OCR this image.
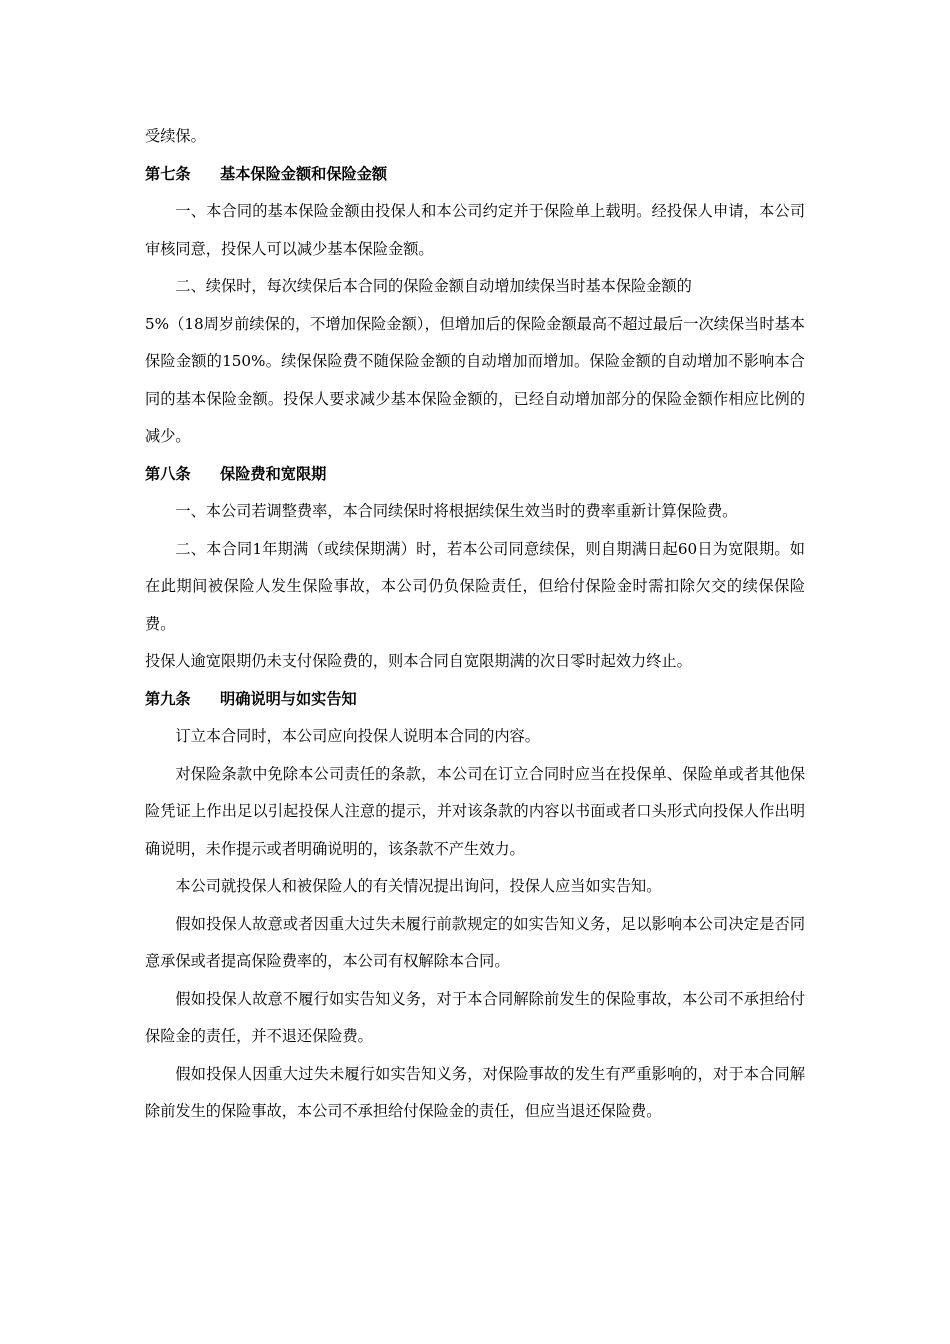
受续保。

第七条 基本保险金额和保险金额

一、本合同的基本保险金额由投保人和本公司约定并于保险单上载明。经投保人申请，本公司审核同意，投保人可以减少基本保险金额。

二、续保时，每次续保后本合同的保险金额自动增加续保当时基本保险金额的

5%（18周岁前续保的，不增加保险金额），但增加后的保险金额最高不超过最后一次续保当时基本保险金额的150%。续保保险费不随保险金额的自动增加而增加。保险金额的自动增加不影响本合同的基本保险金额。投保人要求减少基本保险金额的，已经自动增加部分的保险金额作相应比例的减少。

第八条 保险费和宽限期

一、本公司若调整费率，本合同续保时将根据续保生效当时的费率重新计算保险费。

二、本合同1年期满（或续保期满）时，若本公司同意续保，则自期满日起60日为宽限期。如在此期间被保险人发生保险事故，本公司仍负保险责任，但给付保险金时需扣除欠交的续保保险费。

投保人逾宽限期仍未支付保险费的，则本合同自宽限期满的次日零时起效力终止。

第九条 明确说明与如实告知

订立本合同时，本公司应向投保人说明本合同的内容。

对保险条款中免除本公司责任的条款，本公司在订立合同时应当在投保单、保险单或者其他保险凭证上作出足以引起投保人注意的提示，并对该条款的内容以书面或者口头形式向投保人作出明确说明，未作提示或者明确说明的，该条款不产生效力。

本公司就投保人和被保险人的有关情况提出询问，投保人应当如实告知。

假如投保人故意或者因重大过失未履行前款规定的如实告知义务，足以影响本公司决定是否同意承保或者提高保险费率的，本公司有权解除本合同。

假如投保人故意不履行如实告知义务，对于本合同解除前发生的保险事故，本公司不承担给付保险金的责任，并不退还保险费。

假如投保人因重大过失未履行如实告知义务，对保险事故的发生有严重影响的，对于本合同解除前发生的保险事故，本公司不承担给付保险金的责任，但应当退还保险费。
